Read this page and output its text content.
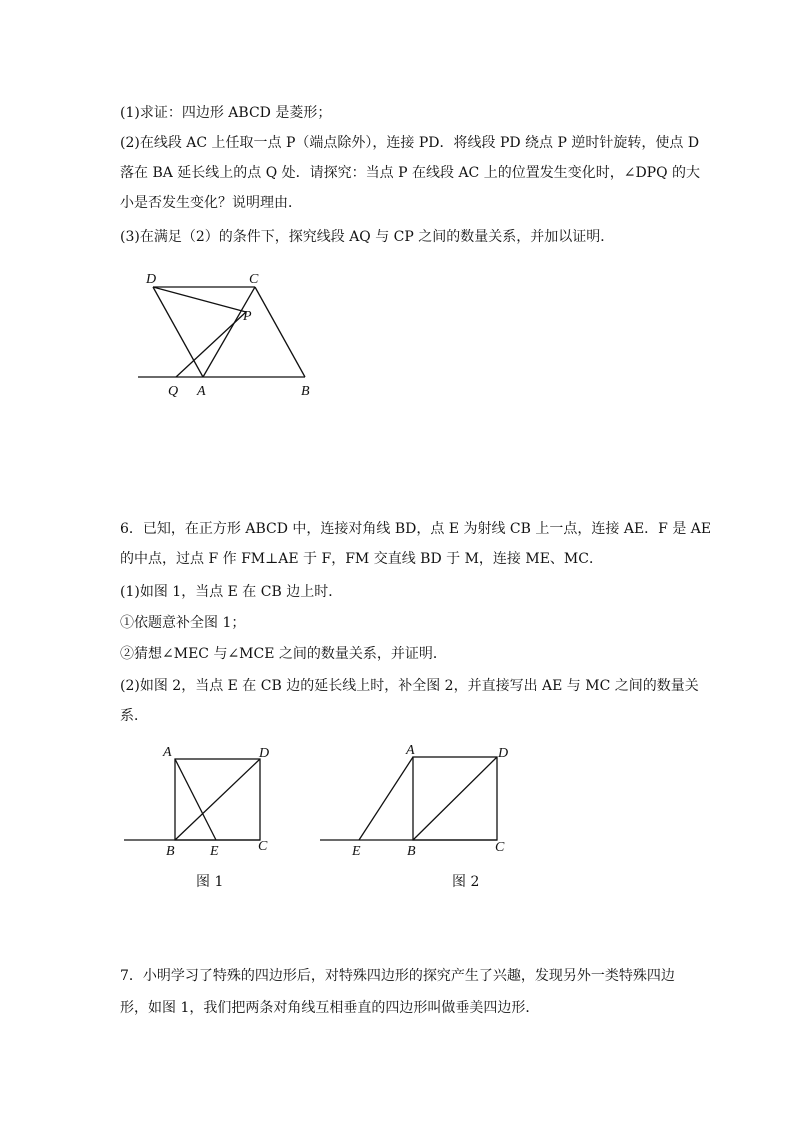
(1)求证：四边形 ABCD 是菱形；
(2)在线段 AC 上任取一点 P（端点除外），连接 PD．将线段 PD 绕点 P 逆时针旋转，使点 D
落在 BA 延长线上的点 Q 处．请探究：当点 P 在线段 AC 上的位置发生变化时，∠DPQ 的大
小是否发生变化？说明理由．
(3)在满足（2）的条件下，探究线段 AQ 与 CP 之间的数量关系，并加以证明．
D	C
P
Q A	B
6．已知，在正方形 ABCD 中，连接对角线 BD，点 E 为射线 CB 上一点，连接 AE．F 是 AE
的中点，过点 F 作 FM⊥AE 于 F，FM 交直线 BD 于 M，连接 ME、MC．
(1)如图 1，当点 E 在 CB 边上时．
①依题意补全图 1；
②猜想∠MEC 与∠MCE 之间的数量关系，并证明．
(2)如图 2，当点 E 在 CB 边的延长线上时，补全图 2，并直接写出 AE 与 MC 之间的数量关
系．
A	D
B	E	C
A	D
E	B	C
图 1	图 2
7．小明学习了特殊的四边形后，对特殊四边形的探究产生了兴趣，发现另外一类特殊四边
形，如图 1，我们把两条对角线互相垂直的四边形叫做垂美四边形．
